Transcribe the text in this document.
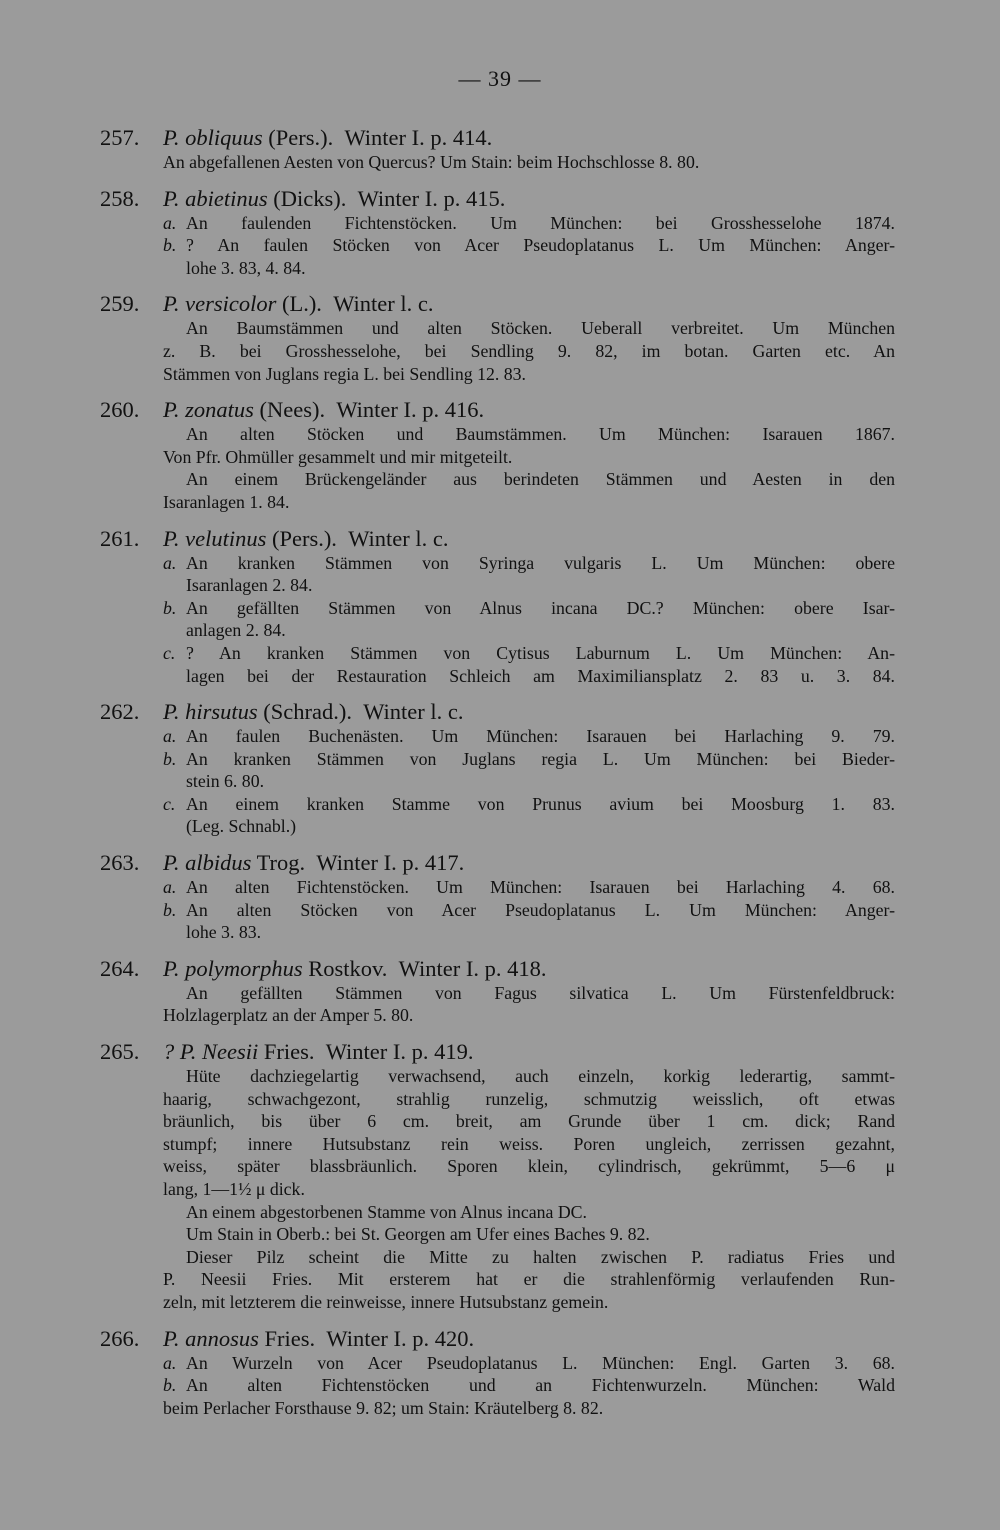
— 39 —
257. P. obliquus (Pers.).  Winter I. p. 414.
An abgefallenen Aesten von Quercus? Um Stain: beim Hochschlosse 8. 80.
258. P. abietinus (Dicks).  Winter I. p. 415.
a. An faulenden Fichtenstöcken. Um München: bei Grosshesselohe 1874.
b. ? An faulen Stöcken von Acer Pseudoplatanus L. Um München: Anger-
lohe 3. 83, 4. 84.
259. P. versicolor (L.).  Winter l. c.
An Baumstämmen und alten Stöcken. Ueberall verbreitet. Um München
z. B. bei Grosshesselohe, bei Sendling 9. 82, im botan. Garten etc. An
Stämmen von Juglans regia L. bei Sendling 12. 83.
260. P. zonatus (Nees).  Winter I. p. 416.
An alten Stöcken und Baumstämmen. Um München: Isarauen 1867.
Von Pfr. Ohmüller gesammelt und mir mitgeteilt.
An einem Brückengeländer aus berindeten Stämmen und Aesten in den
Isaranlagen 1. 84.
261. P. velutinus (Pers.).  Winter l. c.
a. An kranken Stämmen von Syringa vulgaris L. Um München: obere
Isaranlagen 2. 84.
b. An gefällten Stämmen von Alnus incana DC.? München: obere Isar-
anlagen 2. 84.
c. ? An kranken Stämmen von Cytisus Laburnum L. Um München: An-
lagen bei der Restauration Schleich am Maximiliansplatz 2. 83 u. 3. 84.
262. P. hirsutus (Schrad.).  Winter l. c.
a. An faulen Buchenästen. Um München: Isarauen bei Harlaching 9. 79.
b. An kranken Stämmen von Juglans regia L. Um München: bei Bieder-
stein 6. 80.
c. An einem kranken Stamme von Prunus avium bei Moosburg 1. 83.
(Leg. Schnabl.)
263. P. albidus Trog.  Winter I. p. 417.
a. An alten Fichtenstöcken. Um München: Isarauen bei Harlaching 4. 68.
b. An alten Stöcken von Acer Pseudoplatanus L. Um München: Anger-
lohe 3. 83.
264. P. polymorphus Rostkov.  Winter I. p. 418.
An gefällten Stämmen von Fagus silvatica L. Um Fürstenfeldbruck:
Holzlagerplatz an der Amper 5. 80.
265. ? P. Neesii Fries.  Winter I. p. 419.
Hüte dachziegelartig verwachsend, auch einzeln, korkig lederartig, sammt-
haarig, schwachgezont, strahlig runzelig, schmutzig weisslich, oft etwas
bräunlich, bis über 6 cm. breit, am Grunde über 1 cm. dick; Rand
stumpf; innere Hutsubstanz rein weiss. Poren ungleich, zerrissen gezahnt,
weiss, später blassbräunlich. Sporen klein, cylindrisch, gekrümmt, 5—6 μ
lang, 1—1½ μ dick.
An einem abgestorbenen Stamme von Alnus incana DC.
Um Stain in Oberb.: bei St. Georgen am Ufer eines Baches 9. 82.
Dieser Pilz scheint die Mitte zu halten zwischen P. radiatus Fries und
P. Neesii Fries. Mit ersterem hat er die strahlenförmig verlaufenden Run-
zeln, mit letzterem die reinweisse, innere Hutsubstanz gemein.
266. P. annosus Fries.  Winter I. p. 420.
a. An Wurzeln von Acer Pseudoplatanus L. München: Engl. Garten 3. 68.
b. An alten Fichtenstöcken und an Fichtenwurzeln. München: Wald
beim Perlacher Forsthause 9. 82; um Stain: Kräutelberg 8. 82.
